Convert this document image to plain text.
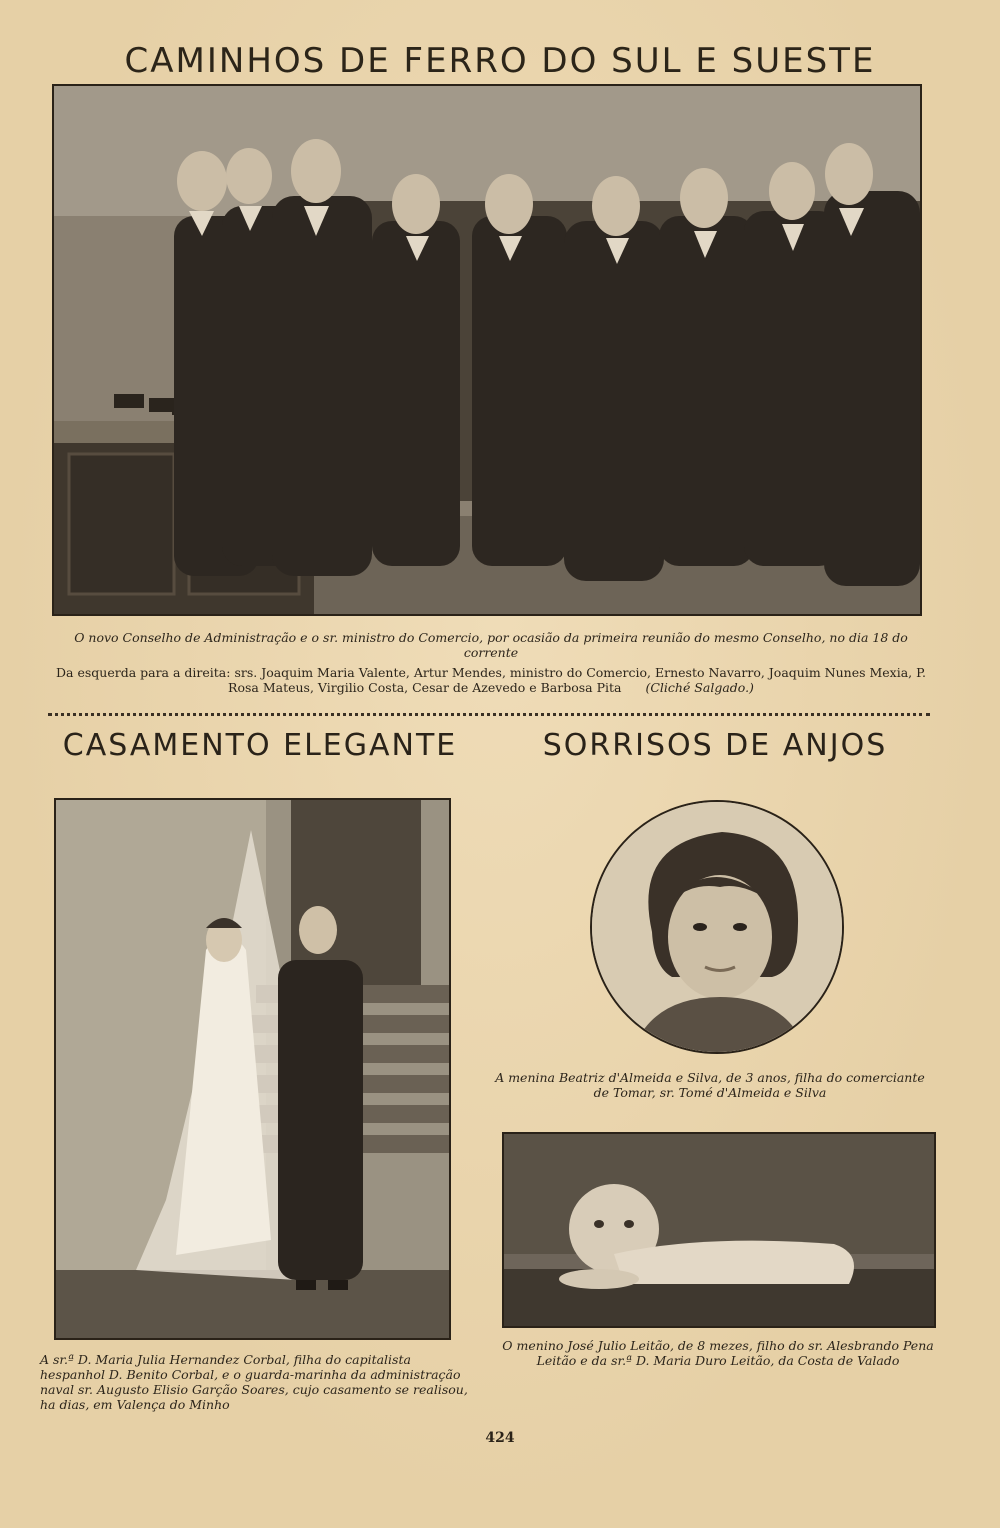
CAMINHOS DE FERRO DO SUL E SUESTE
O novo Conselho de Administração e o sr. ministro do Comercio, por ocasião da primeira reunião do mesmo Conselho, no dia 18 do corrente
Da esquerda para a direita: srs. Joaquim Maria Valente, Artur Mendes, ministro do Comercio, Ernesto Navarro, Joaquim Nunes Mexia, P. Rosa Mateus, Virgilio Costa, Cesar de Azevedo e Barbosa Pita (Cliché Salgado.)
CASAMENTO ELEGANTE
A sr.ª D. Maria Julia Hernandez Corbal, filha do capitalista hespanhol D. Benito Corbal, e o guarda-marinha da administração naval sr. Augusto Elisio Garção Soares, cujo casamento se realisou, ha dias, em Valença do Minho
SORRISOS DE ANJOS
A menina Beatriz d'Almeida e Silva, de 3 anos, filha do comerciante de Tomar, sr. Tomé d'Almeida e Silva
O menino José Julio Leitão, de 8 mezes, filho do sr. Alesbrando Pena Leitão e da sr.ª D. Maria Duro Leitão, da Costa de Valado
424
